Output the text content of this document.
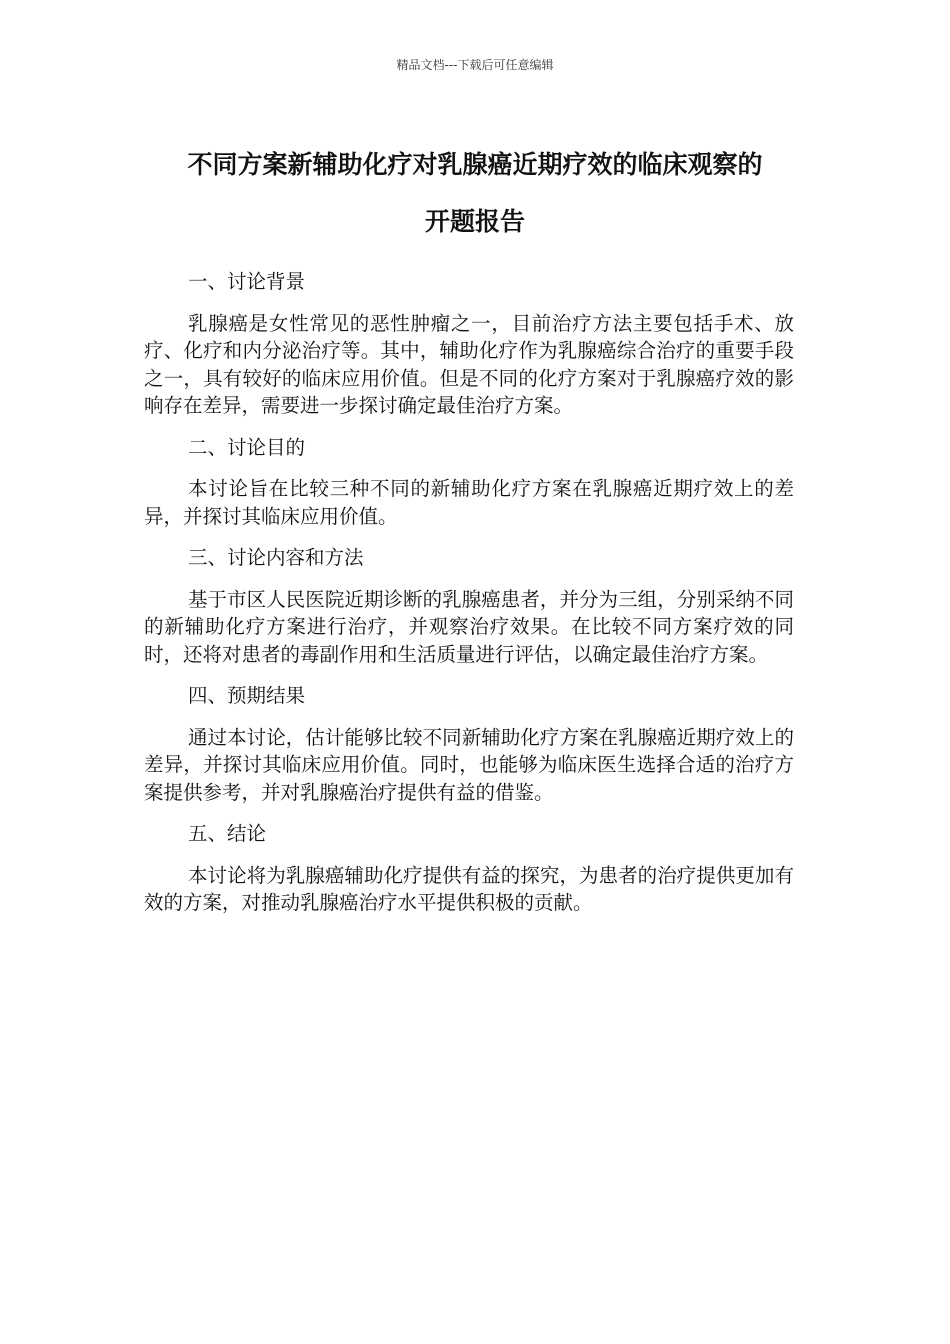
精品文档---下载后可任意编辑
不同方案新辅助化疗对乳腺癌近期疗效的临床观察的
开题报告

一、讨论背景

乳腺癌是女性常见的恶性肿瘤之一，目前治疗方法主要包括手术、放疗、化疗和内分泌治疗等。其中，辅助化疗作为乳腺癌综合治疗的重要手段之一，具有较好的临床应用价值。但是不同的化疗方案对于乳腺癌疗效的影响存在差异，需要进一步探讨确定最佳治疗方案。

二、讨论目的

本讨论旨在比较三种不同的新辅助化疗方案在乳腺癌近期疗效上的差异，并探讨其临床应用价值。

三、讨论内容和方法

基于市区人民医院近期诊断的乳腺癌患者，并分为三组，分别采纳不同的新辅助化疗方案进行治疗，并观察治疗效果。在比较不同方案疗效的同时，还将对患者的毒副作用和生活质量进行评估，以确定最佳治疗方案。

四、预期结果

通过本讨论，估计能够比较不同新辅助化疗方案在乳腺癌近期疗效上的差异，并探讨其临床应用价值。同时，也能够为临床医生选择合适的治疗方案提供参考，并对乳腺癌治疗提供有益的借鉴。

五、结论

本讨论将为乳腺癌辅助化疗提供有益的探究，为患者的治疗提供更加有效的方案，对推动乳腺癌治疗水平提供积极的贡献。
